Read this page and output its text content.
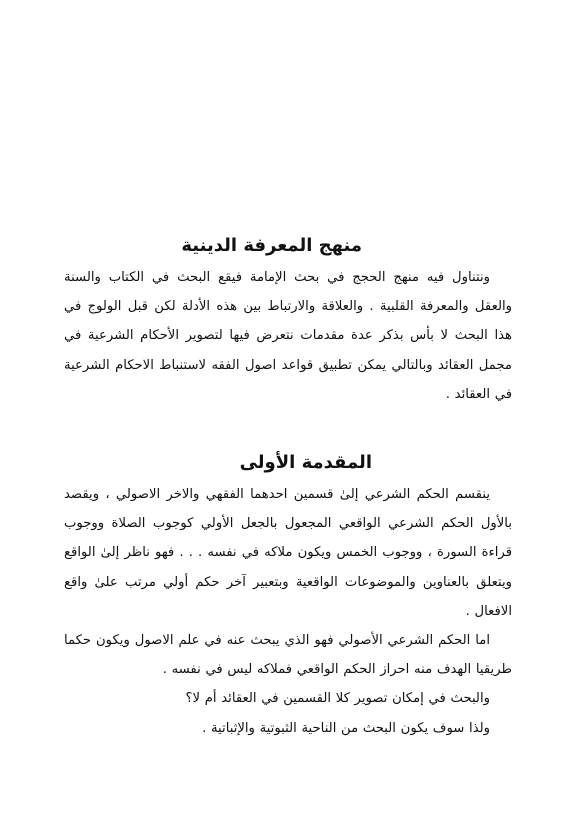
منهج المعرفة الدينية

ونتناول فيه منهج الحجج في بحث الإمامة فيقع البحث في الكتاب والسنة والعقل والمعرفة القلبية . والعلاقة والارتباط بين هذه الأدلة لكن قبل الولوج في هذا البحث لا بأس بذكر عدة مقدمات نتعرض فيها لتصوير الأحكام الشرعية في مجمل العقائد وبالتالي يمكن تطبيق قواعد اصول الفقه لاستنباط الاحكام الشرعية في العقائد .

المقدمة الأولى

ينقسم الحكم الشرعي إلىٰ قسمين احدهما الفقهي والاخر الاصولي ، ويقصد بالأول الحكم الشرعي الواقعي المجعول بالجعل الأولي كوجوب الصلاة ووجوب قراءة السورة ، ووجوب الخمس ويكون ملاكه في نفسه . . . فهو ناظر إلىٰ الواقع ويتعلق بالعناوين والموضوعات الواقعية وبتعبير آخر حكم أولي مرتب علىٰ واقع الافعال .

اما الحكم الشرعي الأصولي فهو الذي يبحث عنه في علم الاصول ويكون حكما طريقيا الهدف منه احراز الحكم الواقعي فملاكه ليس في نفسه .

والبحث في إمكان تصوير كلا القسمين في العقائد أم لا؟

ولذا سوف يكون البحث من الناحية الثبوتية والإثباتية .
